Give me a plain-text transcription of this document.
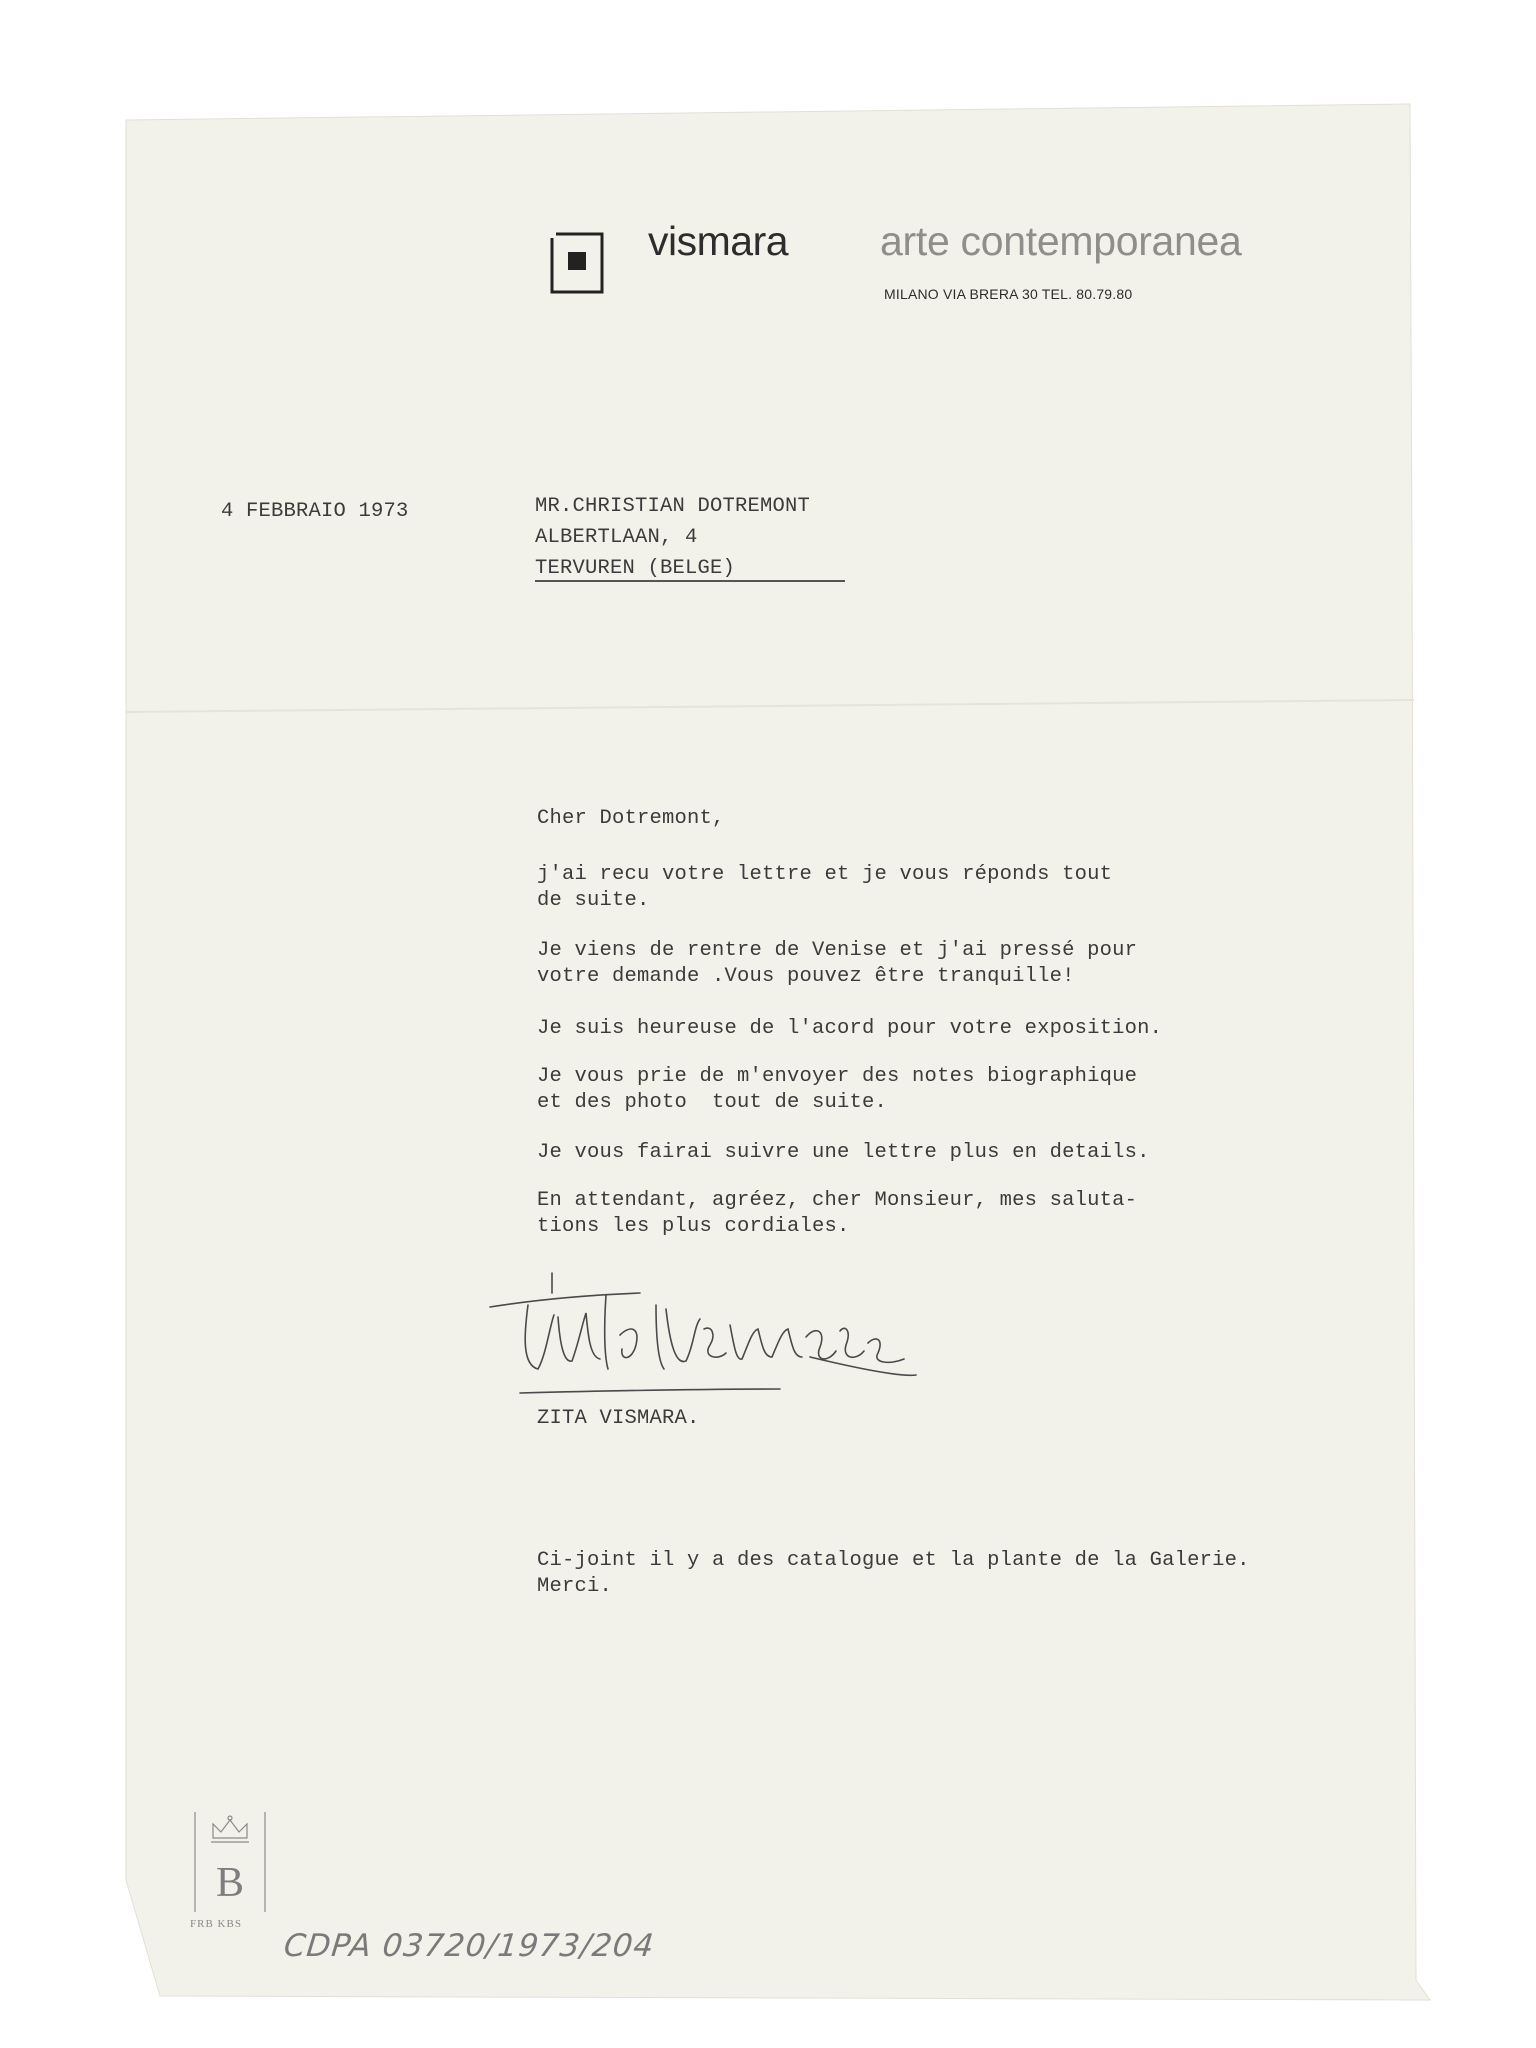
vismara arte contemporanea
MILANO VIA BRERA 30 TEL. 80.79.80
4 FEBBRAIO 1973	MR.CHRISTIAN DOTREMONT
ALBERTLAAN, 4
TERVUREN (BELGE)
Cher Dotremont,
j'ai recu votre lettre et je vous réponds tout
de suite.
Je viens de rentre de Venise et j'ai pressé pour
votre demande .Vous pouvez être tranquille!
Je suis heureuse de l'acord pour votre exposition.
Je vous prie de m'envoyer des notes biographique
et des photo  tout de suite.
Je vous fairai suivre une lettre plus en details.
En attendant, agréez, cher Monsieur, mes saluta-
tions les plus cordiales.
ZITA VISMARA.
Ci-joint il y a des catalogue et la plante de la Galerie.
Merci.
B
FRB KBS
CDPA 03720/1973/204
